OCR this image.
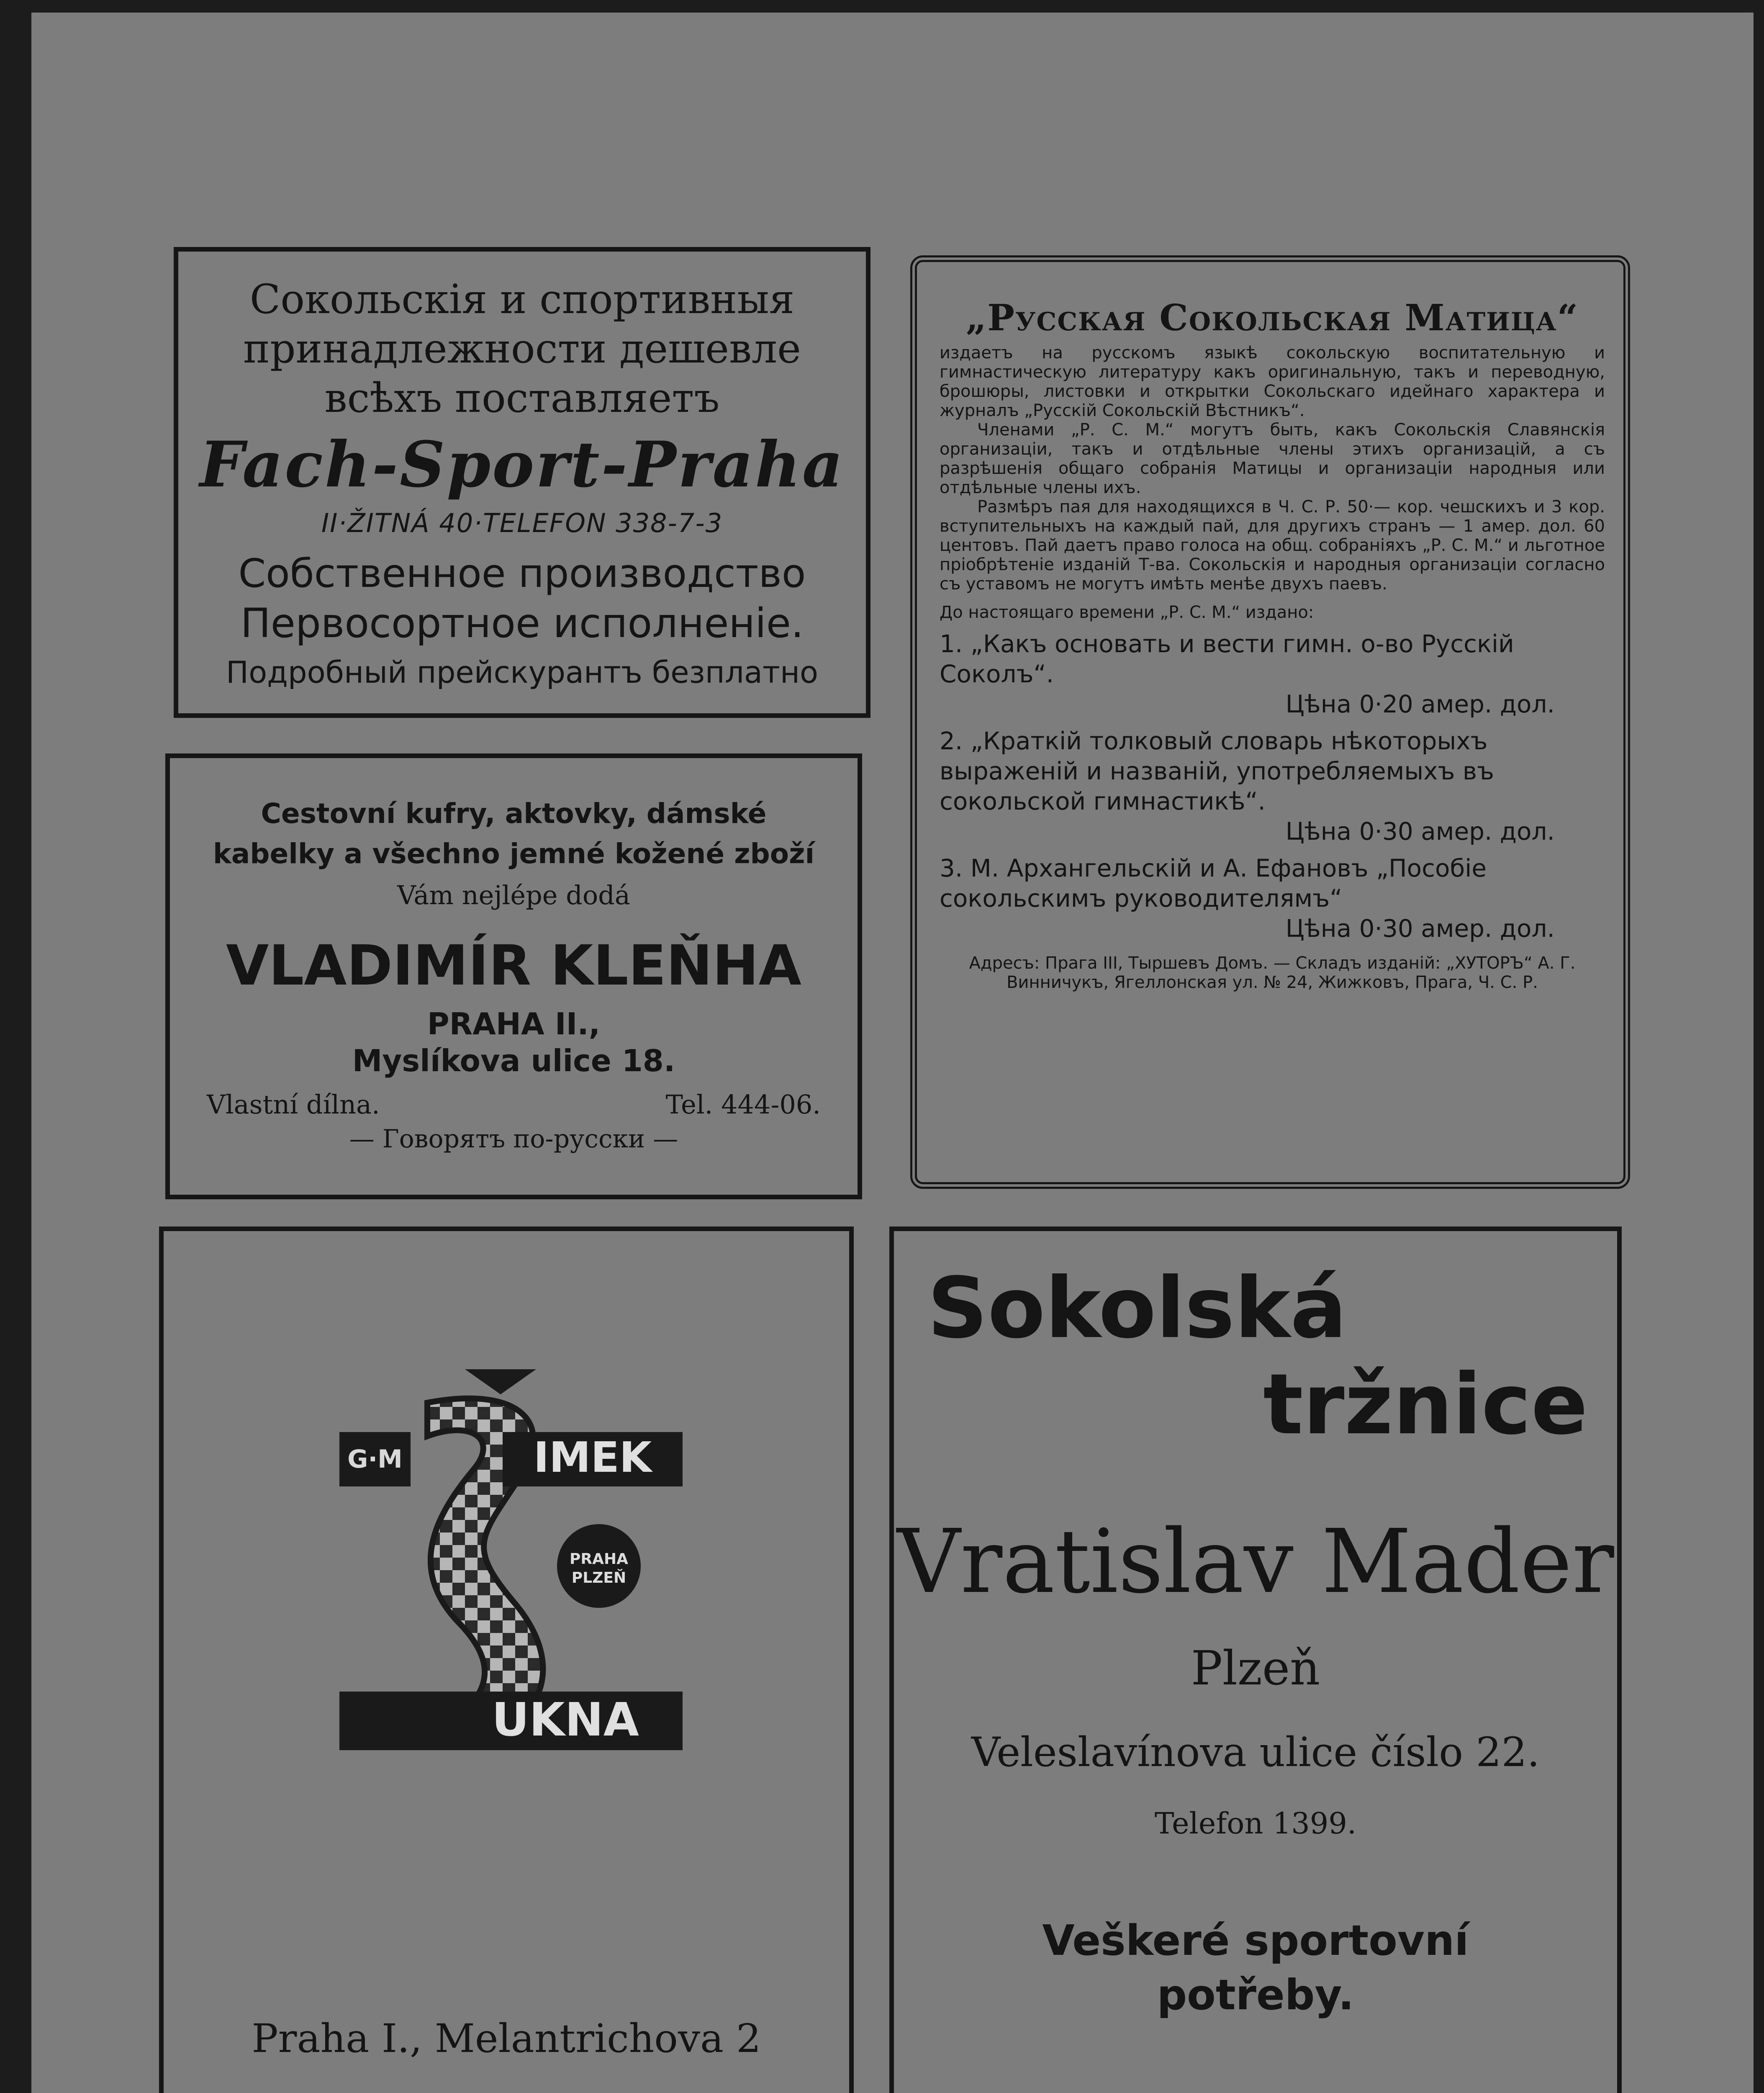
Сокольскія и спортивныя
принадлежности дешевле
всѣхъ поставляетъ
Fach-Sport-Praha
II·ŽITNÁ 40·TELEFON 338-7-3
Собственное производство
Первосортное исполненіе.
Подробный прейскурантъ безплатно
Cestovní kufry, aktovky, dámské
kabelky a všechno jemné kožené zboží
Vám nejlépe dodá
VLADIMÍR KLEŇHA
PRAHA II.,
Myslíkova ulice 18.
Vlastní dílna.	Tel. 444-06.
— Говорятъ по-русски —
„Русская Сокольская Матица“

издаетъ на русскомъ языкѣ сокольскую воспитательную и гимнастическую литературу какъ оригинальную, такъ и переводную, брошюры, листовки и открытки Сокольскаго идейнаго характера и журналъ „Русскій Сокольскій Вѣстникъ“.

Членами „Р. С. М.“ могутъ быть, какъ Сокольскія Славянскія организаціи, такъ и отдѣльные члены этихъ организацій, а съ разрѣшенія общаго собранія Матицы и организаціи народныя или отдѣльные члены ихъ.

Размѣръ пая для находящихся в Ч. С. Р. 50·— кор. чешскихъ и 3 кор. вступительныхъ на каждый пай, для другихъ странъ — 1 амер. дол. 60 центовъ. Пай даетъ право голоса на общ. собраніяхъ „Р. С. М.“ и льготное пріобрѣтеніе изданій Т-ва. Сокольскія и народныя организаціи согласно съ уставомъ не могутъ имѣть менѣе двухъ паевъ.

До настоящаго времени „Р. С. М.“ издано:

1. „Какъ основать и вести гимн. о-во Русскій Соколъ“.
Цѣна 0·20 амер. дол.
2. „Краткій толковый словарь нѣкоторыхъ выраженій и названій, употребляемыхъ въ сокольской гимнастикѣ“.
Цѣна 0·30 амер. дол.
3. М. Архангельскій и А. Ефановъ „Пособіе сокольскимъ руководителямъ“
Цѣна 0·30 амер. дол.

Адресъ: Прага III, Тыршевъ Домъ. — Складъ изданій: „ХУТОРЪ“ А. Г. Винничукъ, Ягеллонская ул. № 24, Жижковъ, Прага, Ч. С. Р.

G·M	IMEK
PRAHA
PLZEŇ
UKNA
Praha I., Melantrichova 2
Sokolská
tržnice
Vratislav Mader
Plzeň
Veleslavínova ulice číslo 22.
Telefon 1399.
Veškeré sportovní
potřeby.
